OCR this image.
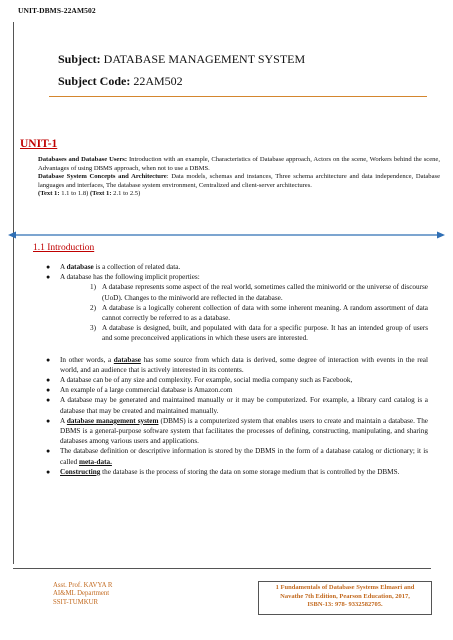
UNIT-DBMS-22AM502
Subject: DATABASE MANAGEMENT SYSTEM
Subject Code: 22AM502
UNIT-1

Databases and Database Users: Introduction with an example, Characteristics of Database approach, Actors on the scene, Workers behind the scene, Advantages of using DBMS approach, when not to use a DBMS.

Database System Concepts and Architecture: Data models, schemas and instances, Three schema architecture and data independence, Database languages and interfaces, The database system environment, Centralized and client-server architectures.

(Text 1: 1.1 to 1.8) (Text 1: 2.1 to 2.5)

1.1 Introduction
● A database is a collection of related data.
● A database has the following implicit properties:
1) A database represents some aspect of the real world, sometimes called the miniworld or the universe of discourse (UoD). Changes to the miniworld are reflected in the database.
2) A database is a logically coherent collection of data with some inherent meaning. A random assortment of data cannot correctly be referred to as a database.
3) A database is designed, built, and populated with data for a specific purpose. It has an intended group of users and some preconceived applications in which these users are interested.
● In other words, a database has some source from which data is derived, some degree of interaction with events in the real world, and an audience that is actively interested in its contents.
● A database can be of any size and complexity. For example, social media company such as Facebook,
● An example of a large commercial database is Amazon.com
● A database may be generated and maintained manually or it may be computerized. For example, a library card catalog is a database that may be created and maintained manually.
● A database management system (DBMS) is a computerized system that enables users to create and maintain a database. The DBMS is a general-purpose software system that facilitates the processes of defining, constructing, manipulating, and sharing databases among various users and applications.
● The database definition or descriptive information is stored by the DBMS in the form of a database catalog or dictionary; it is called meta-data.
● Constructing the database is the process of storing the data on some storage medium that is controlled by the DBMS.
Asst. Prof. KAVYA R
AI&ML Department
SSIT-TUMKUR
1 Fundamentals of Database Systems Elmasri and
Navathe 7th Edition, Pearson Education, 2017,
ISBN-13: 978- 9332582705.
